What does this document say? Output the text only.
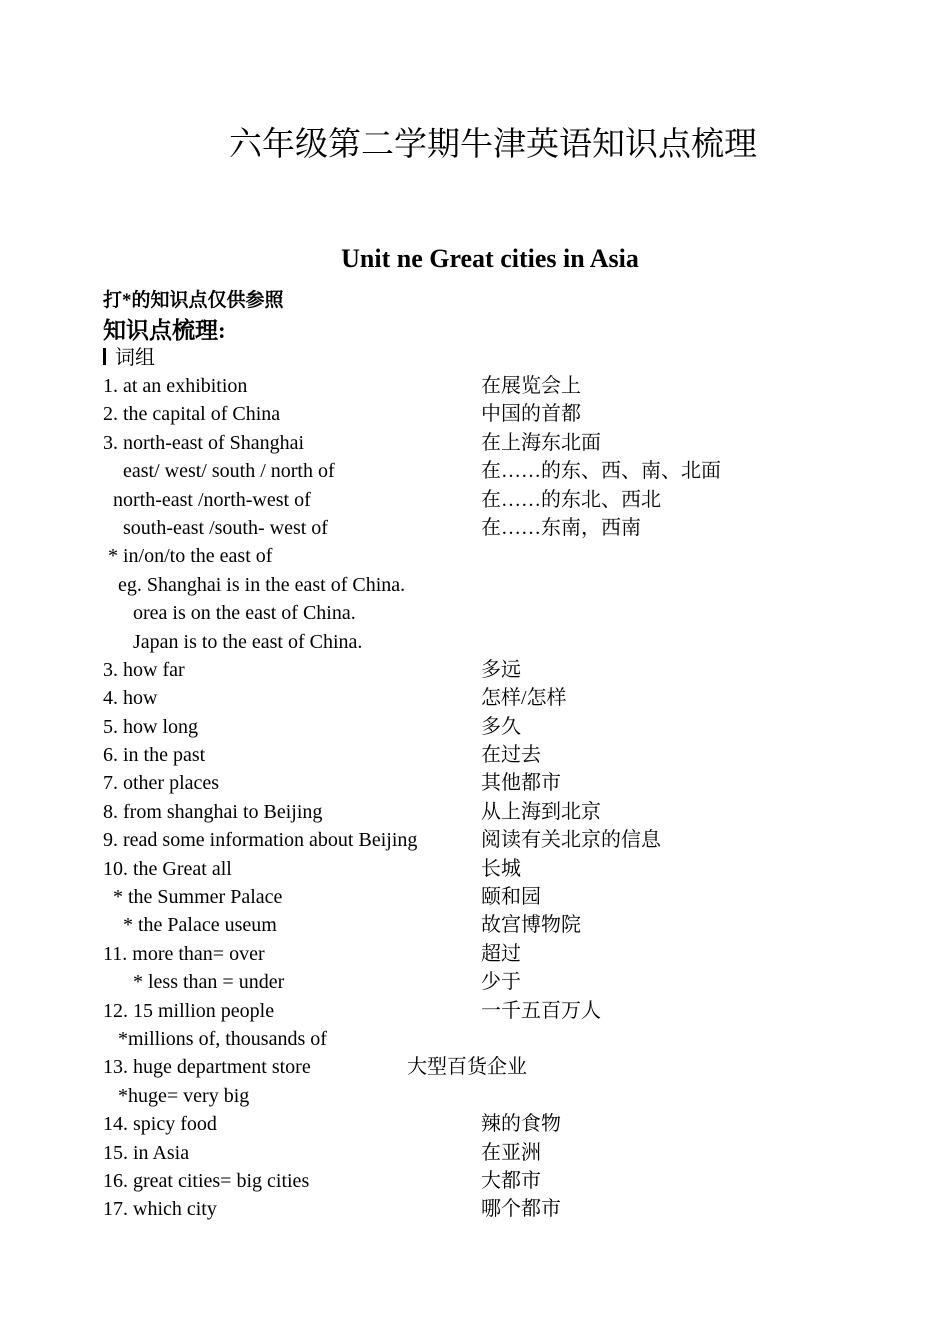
六年级第二学期牛津英语知识点梳理
Unit ne Great cities in Asia
打*的知识点仅供参照
知识点梳理:
词组
1. at an exhibition	在展览会上
2. the capital of China	中国的首都
3. north-east of Shanghai	在上海东北面
east/ west/ south / north of	在……的东、西、南、北面
north-east /north-west of	在……的东北、西北
south-east /south- west of	在……东南，西南
* in/on/to the east of
eg. Shanghai is in the east of China.
orea is on the east of China.
Japan is to the east of China.
3. how far	多远
4. how	怎样/怎样
5. how long	多久
6. in the past	在过去
7. other places	其他都市
8. from shanghai to Beijing	从上海到北京
9. read some information about Beijing	阅读有关北京的信息
10. the Great all	长城
* the Summer Palace	颐和园
* the Palace useum	故宫博物院
11. more than= over	超过
* less than = under	少于
12. 15 million people	一千五百万人
*millions of, thousands of
13. huge department store	大型百货企业
*huge= very big
14. spicy food	辣的食物
15. in Asia	在亚洲
16. great cities= big cities	大都市
17. which city	哪个都市
